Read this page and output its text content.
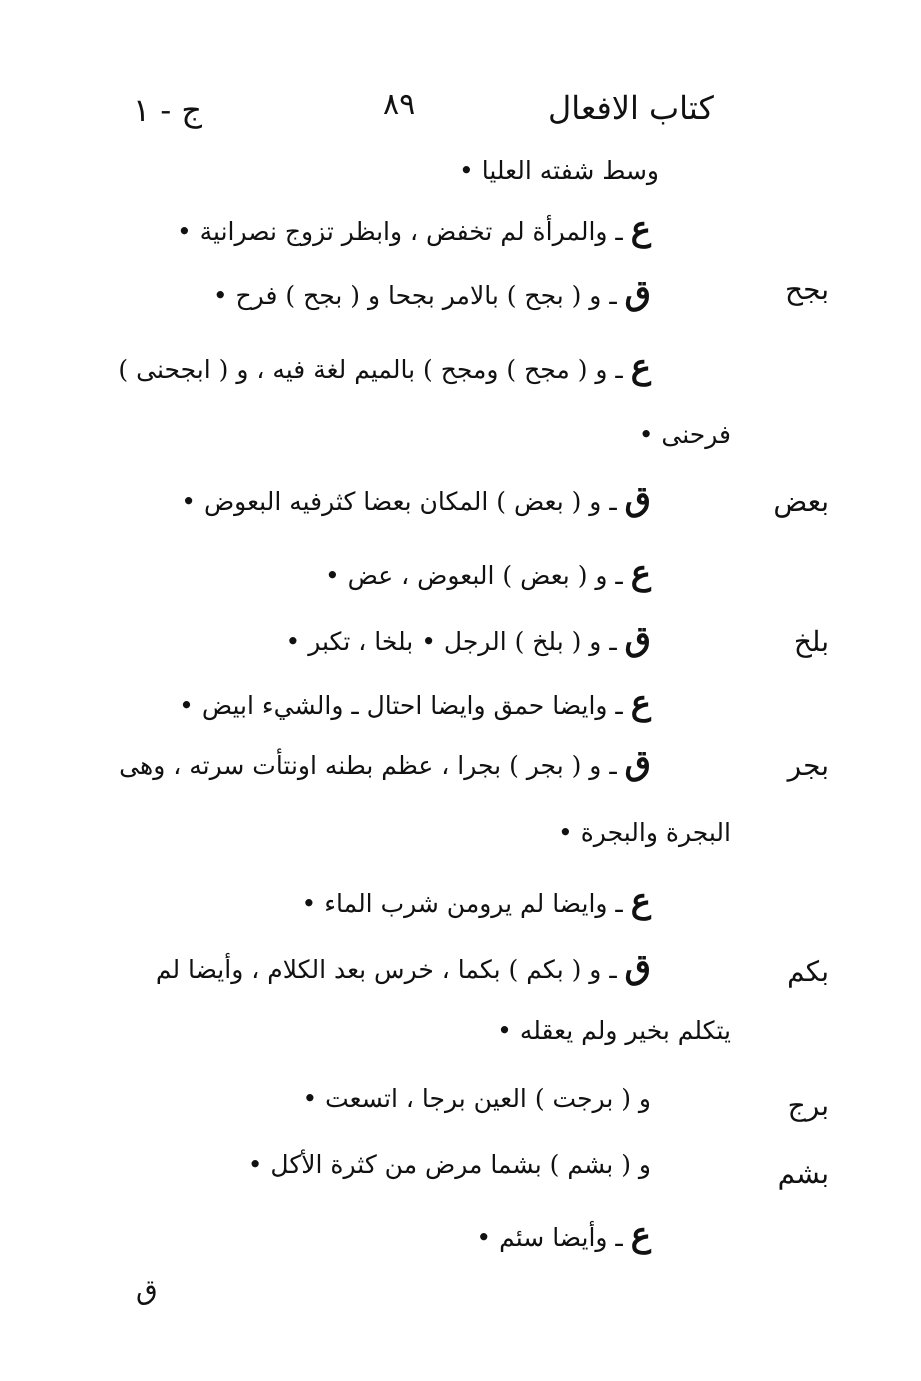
كتاب الافعال
٨٩
ج - ١
وسط شفته العليا •
ع ـ والمرأة لم تخفض ، وابظر تزوج نصرانية •
بجح
ق ـ و ( بجح ) بالامر بجحا و ( بجح ) فرح •
ع ـ و ( مجح ) ومجح ) بالميم لغة فيه ، و ( ابجحنى )
فرحنى •
بعض
ق ـ و ( بعض ) المكان بعضا كثرفيه البعوض •
ع ـ و ( بعض ) البعوض ، عض •
بلخ
ق ـ و ( بلخ ) الرجل • بلخا ، تكبر •
ع ـ وايضا حمق وايضا احتال ـ والشيء ابيض •
بجر
ق ـ و ( بجر ) بجرا ، عظم بطنه اونتأت سرته ، وهى
البجرة والبجرة •
ع ـ وايضا لم يرومن شرب الماء •
بكم
ق ـ و ( بكم ) بكما ، خرس بعد الكلام ، وأيضا لم
يتكلم بخير ولم يعقله •
برج
و ( برجت ) العين برجا ، اتسعت •
بشم
و ( بشم ) بشما مرض من كثرة الأكل •
ع ـ وأيضا سئم •
ق
